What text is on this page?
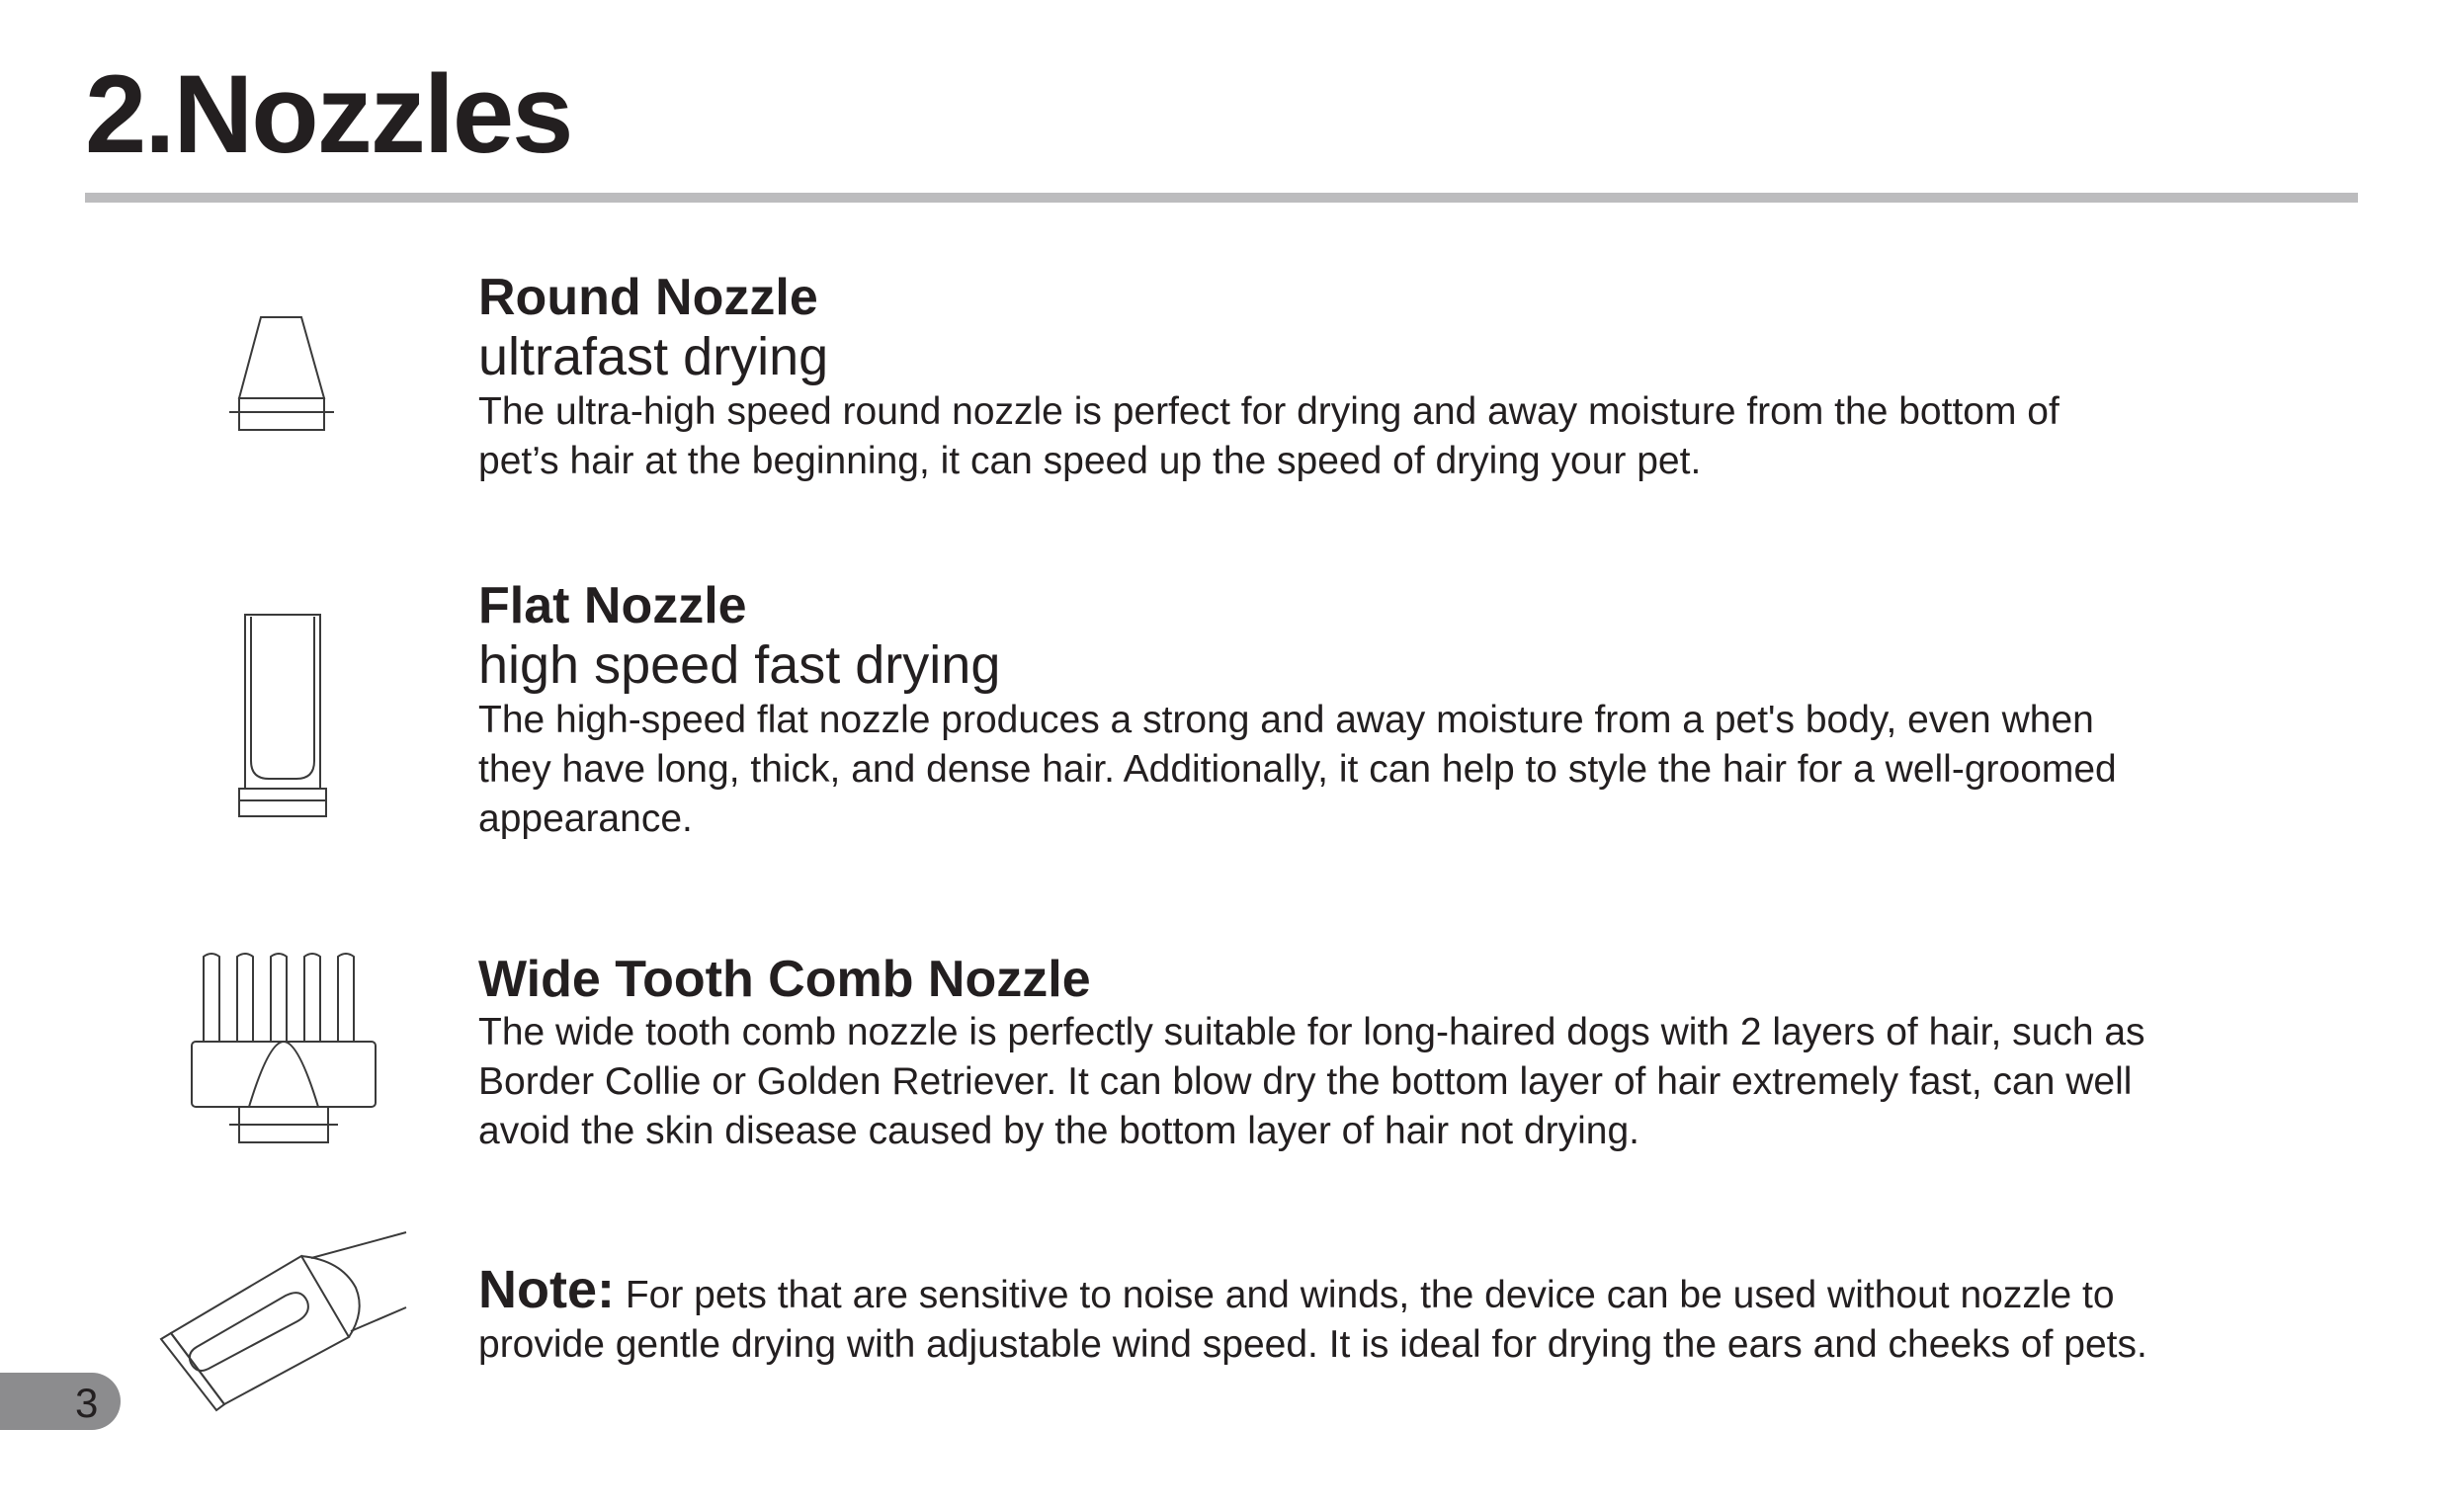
2.Nozzles

Round Nozzle

ultrafast drying

The ultra-high speed round nozzle is perfect for drying and away moisture from the bottom of
pet’s hair at the beginning, it can speed up the speed of drying your pet.

Flat Nozzle

high speed fast drying

The high-speed flat nozzle produces a strong and away moisture from a pet's body, even when
they have long, thick, and dense hair. Additionally, it can help to style the hair for a well-groomed
appearance.

Wide Tooth Comb Nozzle

The wide tooth comb nozzle is perfectly suitable for long-haired dogs with 2 layers of hair, such as
Border Collie or Golden Retriever. It can blow dry the bottom layer of hair extremely fast, can well
avoid the skin disease caused by the bottom layer of hair not drying.

Note: For pets that are sensitive to noise and winds, the device can be used without nozzle to
provide gentle drying with adjustable wind speed. It is ideal for drying the ears and cheeks of pets.

3
